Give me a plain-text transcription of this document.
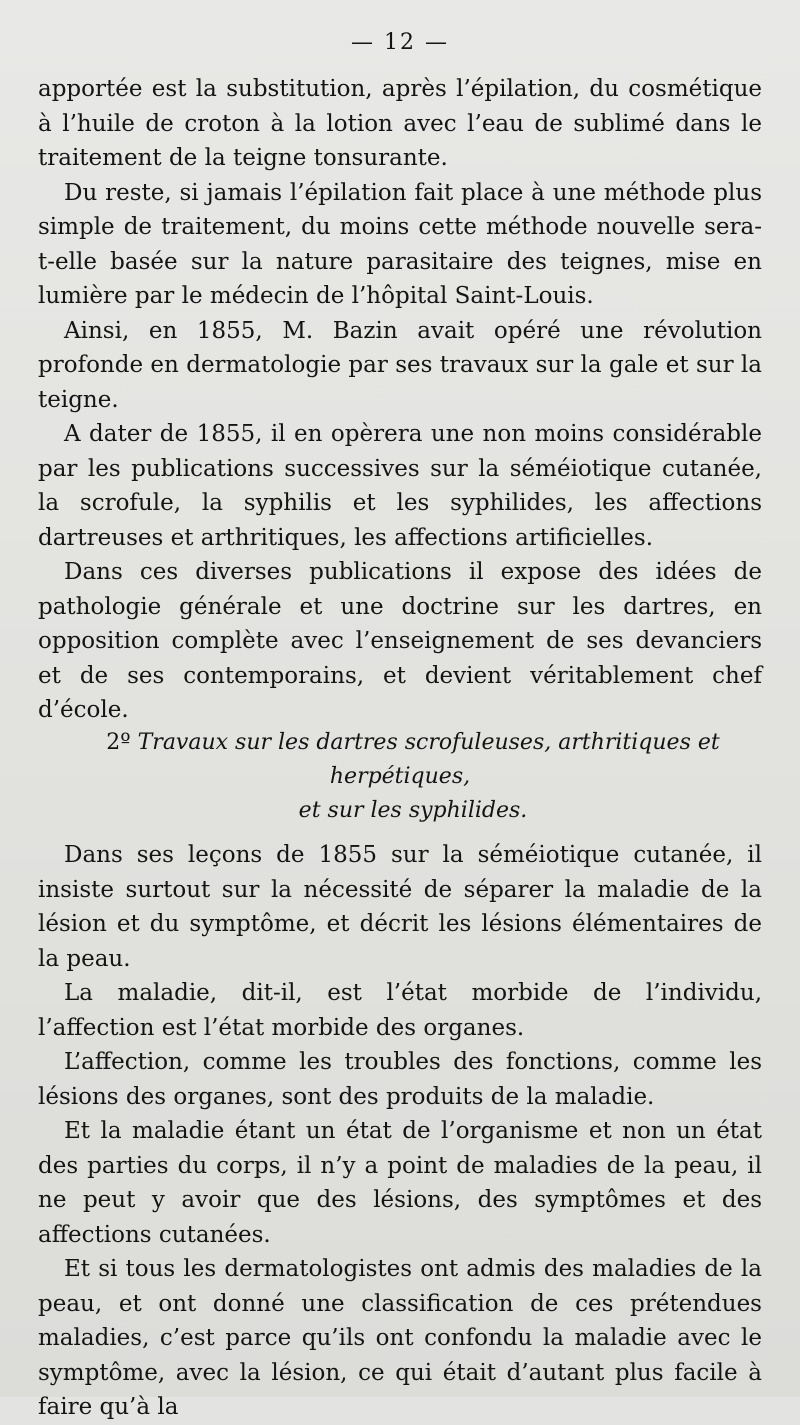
— 12 —

apportée est la substitution, après l’épilation, du cosmétique à l’huile de croton à la lotion avec l’eau de sublimé dans le traitement de la teigne tonsurante.

Du reste, si jamais l’épilation fait place à une méthode plus simple de traitement, du moins cette méthode nouvelle sera-t-elle basée sur la nature parasitaire des teignes, mise en lumière par le médecin de l’hôpital Saint-Louis.

Ainsi, en 1855, M. Bazin avait opéré une révolution profonde en dermatologie par ses travaux sur la gale et sur la teigne.

A dater de 1855, il en opèrera une non moins considérable par les publications successives sur la séméiotique cutanée, la scrofule, la syphilis et les syphilides, les affections dartreuses et arthritiques, les affections artificielles.

Dans ces diverses publications il expose des idées de pathologie générale et une doctrine sur les dartres, en opposition complète avec l’enseignement de ses devanciers et de ses contemporains, et devient véritablement chef d’école.

2º Travaux sur les dartres scrofuleuses, arthritiques et herpétiques,

et sur les syphilides.

Dans ses leçons de 1855 sur la séméiotique cutanée, il insiste surtout sur la nécessité de séparer la maladie de la lésion et du symptôme, et décrit les lésions élémentaires de la peau.

La maladie, dit-il, est l’état morbide de l’individu, l’affection est l’état morbide des organes.

L’affection, comme les troubles des fonctions, comme les lésions des organes, sont des produits de la maladie.

Et la maladie étant un état de l’organisme et non un état des parties du corps, il n’y a point de maladies de la peau, il ne peut y avoir que des lésions, des symptômes et des affections cutanées.

Et si tous les dermatologistes ont admis des maladies de la peau, et ont donné une classification de ces prétendues maladies, c’est parce qu’ils ont confondu la maladie avec le symptôme, avec la lésion, ce qui était d’autant plus facile à faire qu’à la
